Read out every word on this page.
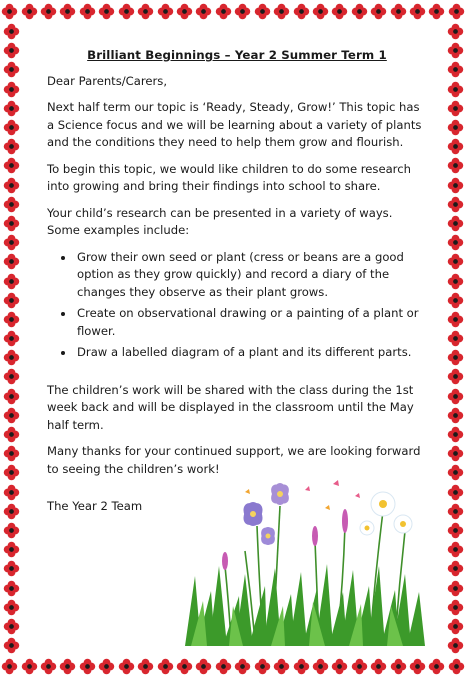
Brilliant Beginnings – Year 2 Summer Term 1

Dear Parents/Carers,

Next half term our topic is ‘Ready, Steady, Grow!’ This topic has a Science focus and we will be learning about a variety of plants and the conditions they need to help them grow and flourish.

To begin this topic, we would like children to do some research into growing and bring their findings into school to share.

Your child’s research can be presented in a variety of ways. Some examples include:

• Grow their own seed or plant (cress or beans are a good option as they grow quickly) and record a diary of the changes they observe as their plant grows.
• Create on observational drawing or a painting of a plant or flower.
• Draw a labelled diagram of a plant and its different parts.

The children’s work will be shared with the class during the 1st week back and will be displayed in the classroom until the May half term.

Many thanks for your continued support, we are looking forward to seeing the children’s work!

The Year 2 Team
